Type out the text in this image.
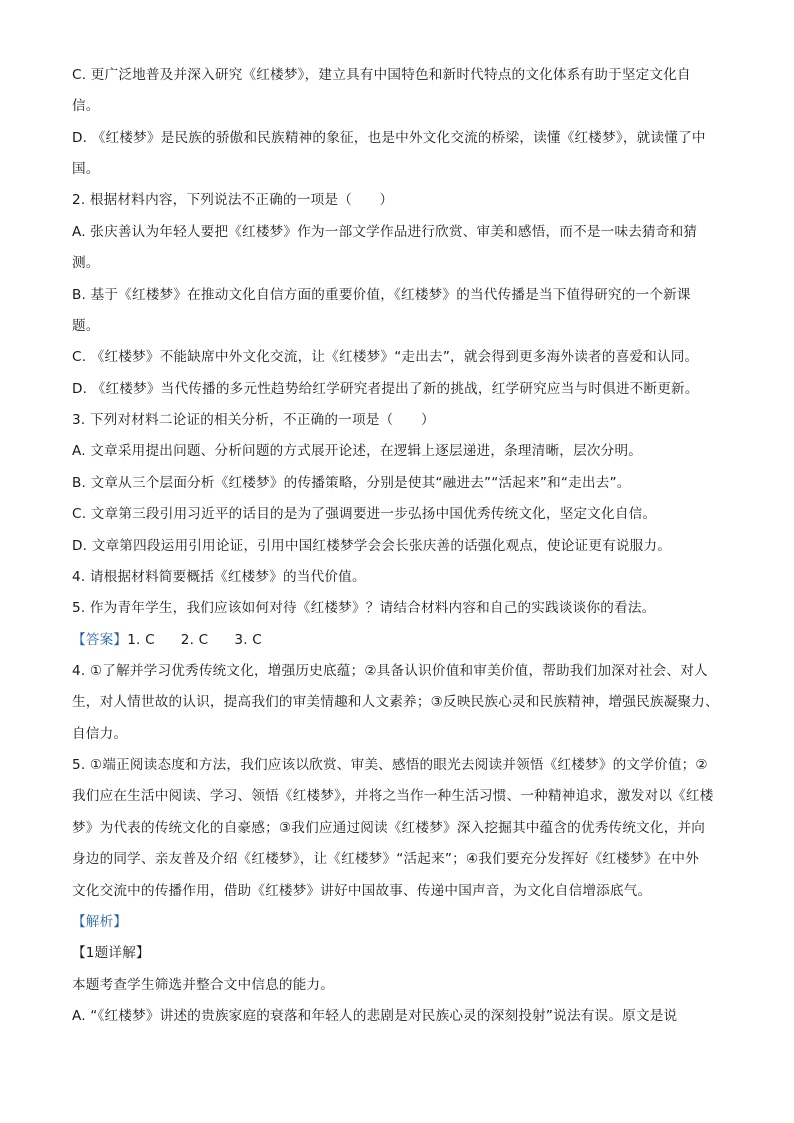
C. 更广泛地普及并深入研究《红楼梦》，建立具有中国特色和新时代特点的文化体系有助于坚定文化自
信。
D. 《红楼梦》是民族的骄傲和民族精神的象征，也是中外文化交流的桥梁，读懂《红楼梦》，就读懂了中
国。
2. 根据材料内容，下列说法不正确的一项是（　　）
A. 张庆善认为年轻人要把《红楼梦》作为一部文学作品进行欣赏、审美和感悟，而不是一味去猜奇和猜
测。
B. 基于《红楼梦》在推动文化自信方面的重要价值，《红楼梦》的当代传播是当下值得研究的一个新课
题。
C. 《红楼梦》不能缺席中外文化交流，让《红楼梦》“走出去”，就会得到更多海外读者的喜爱和认同。
D. 《红楼梦》当代传播的多元性趋势给红学研究者提出了新的挑战，红学研究应当与时俱进不断更新。
3. 下列对材料二论证的相关分析，不正确的一项是（　　）
A. 文章采用提出问题、分析问题的方式展开论述，在逻辑上逐层递进，条理清晰，层次分明。
B. 文章从三个层面分析《红楼梦》的传播策略，分别是使其“融进去”“活起来”和“走出去”。
C. 文章第三段引用习近平的话目的是为了强调要进一步弘扬中国优秀传统文化，坚定文化自信。
D. 文章第四段运用引用论证，引用中国红楼梦学会会长张庆善的话强化观点，使论证更有说服力。
4. 请根据材料简要概括《红楼梦》的当代价值。
5. 作为青年学生，我们应该如何对待《红楼梦》？请结合材料内容和自己的实践谈谈你的看法。
【答案】1. C 2. C 3. C
4. ①了解并学习优秀传统文化，增强历史底蕴；②具备认识价值和审美价值，帮助我们加深对社会、对人
生，对人情世故的认识，提高我们的审美情趣和人文素养；③反映民族心灵和民族精神，增强民族凝聚力、
自信力。
5. ①端正阅读态度和方法，我们应该以欣赏、审美、感悟的眼光去阅读并领悟《红楼梦》的文学价值；②
我们应在生活中阅读、学习、领悟《红楼梦》，并将之当作一种生活习惯、一种精神追求，激发对以《红楼
梦》为代表的传统文化的自豪感；③我们应通过阅读《红楼梦》深入挖掘其中蕴含的优秀传统文化，并向
身边的同学、亲友普及介绍《红楼梦》，让《红楼梦》“活起来”；④我们要充分发挥好《红楼梦》在中外
文化交流中的传播作用，借助《红楼梦》讲好中国故事、传递中国声音，为文化自信增添底气。
【解析】
【1题详解】
本题考查学生筛选并整合文中信息的能力。
A. “《红楼梦》讲述的贵族家庭的衰落和年轻人的悲剧是对民族心灵的深刻投射”说法有误。原文是说
